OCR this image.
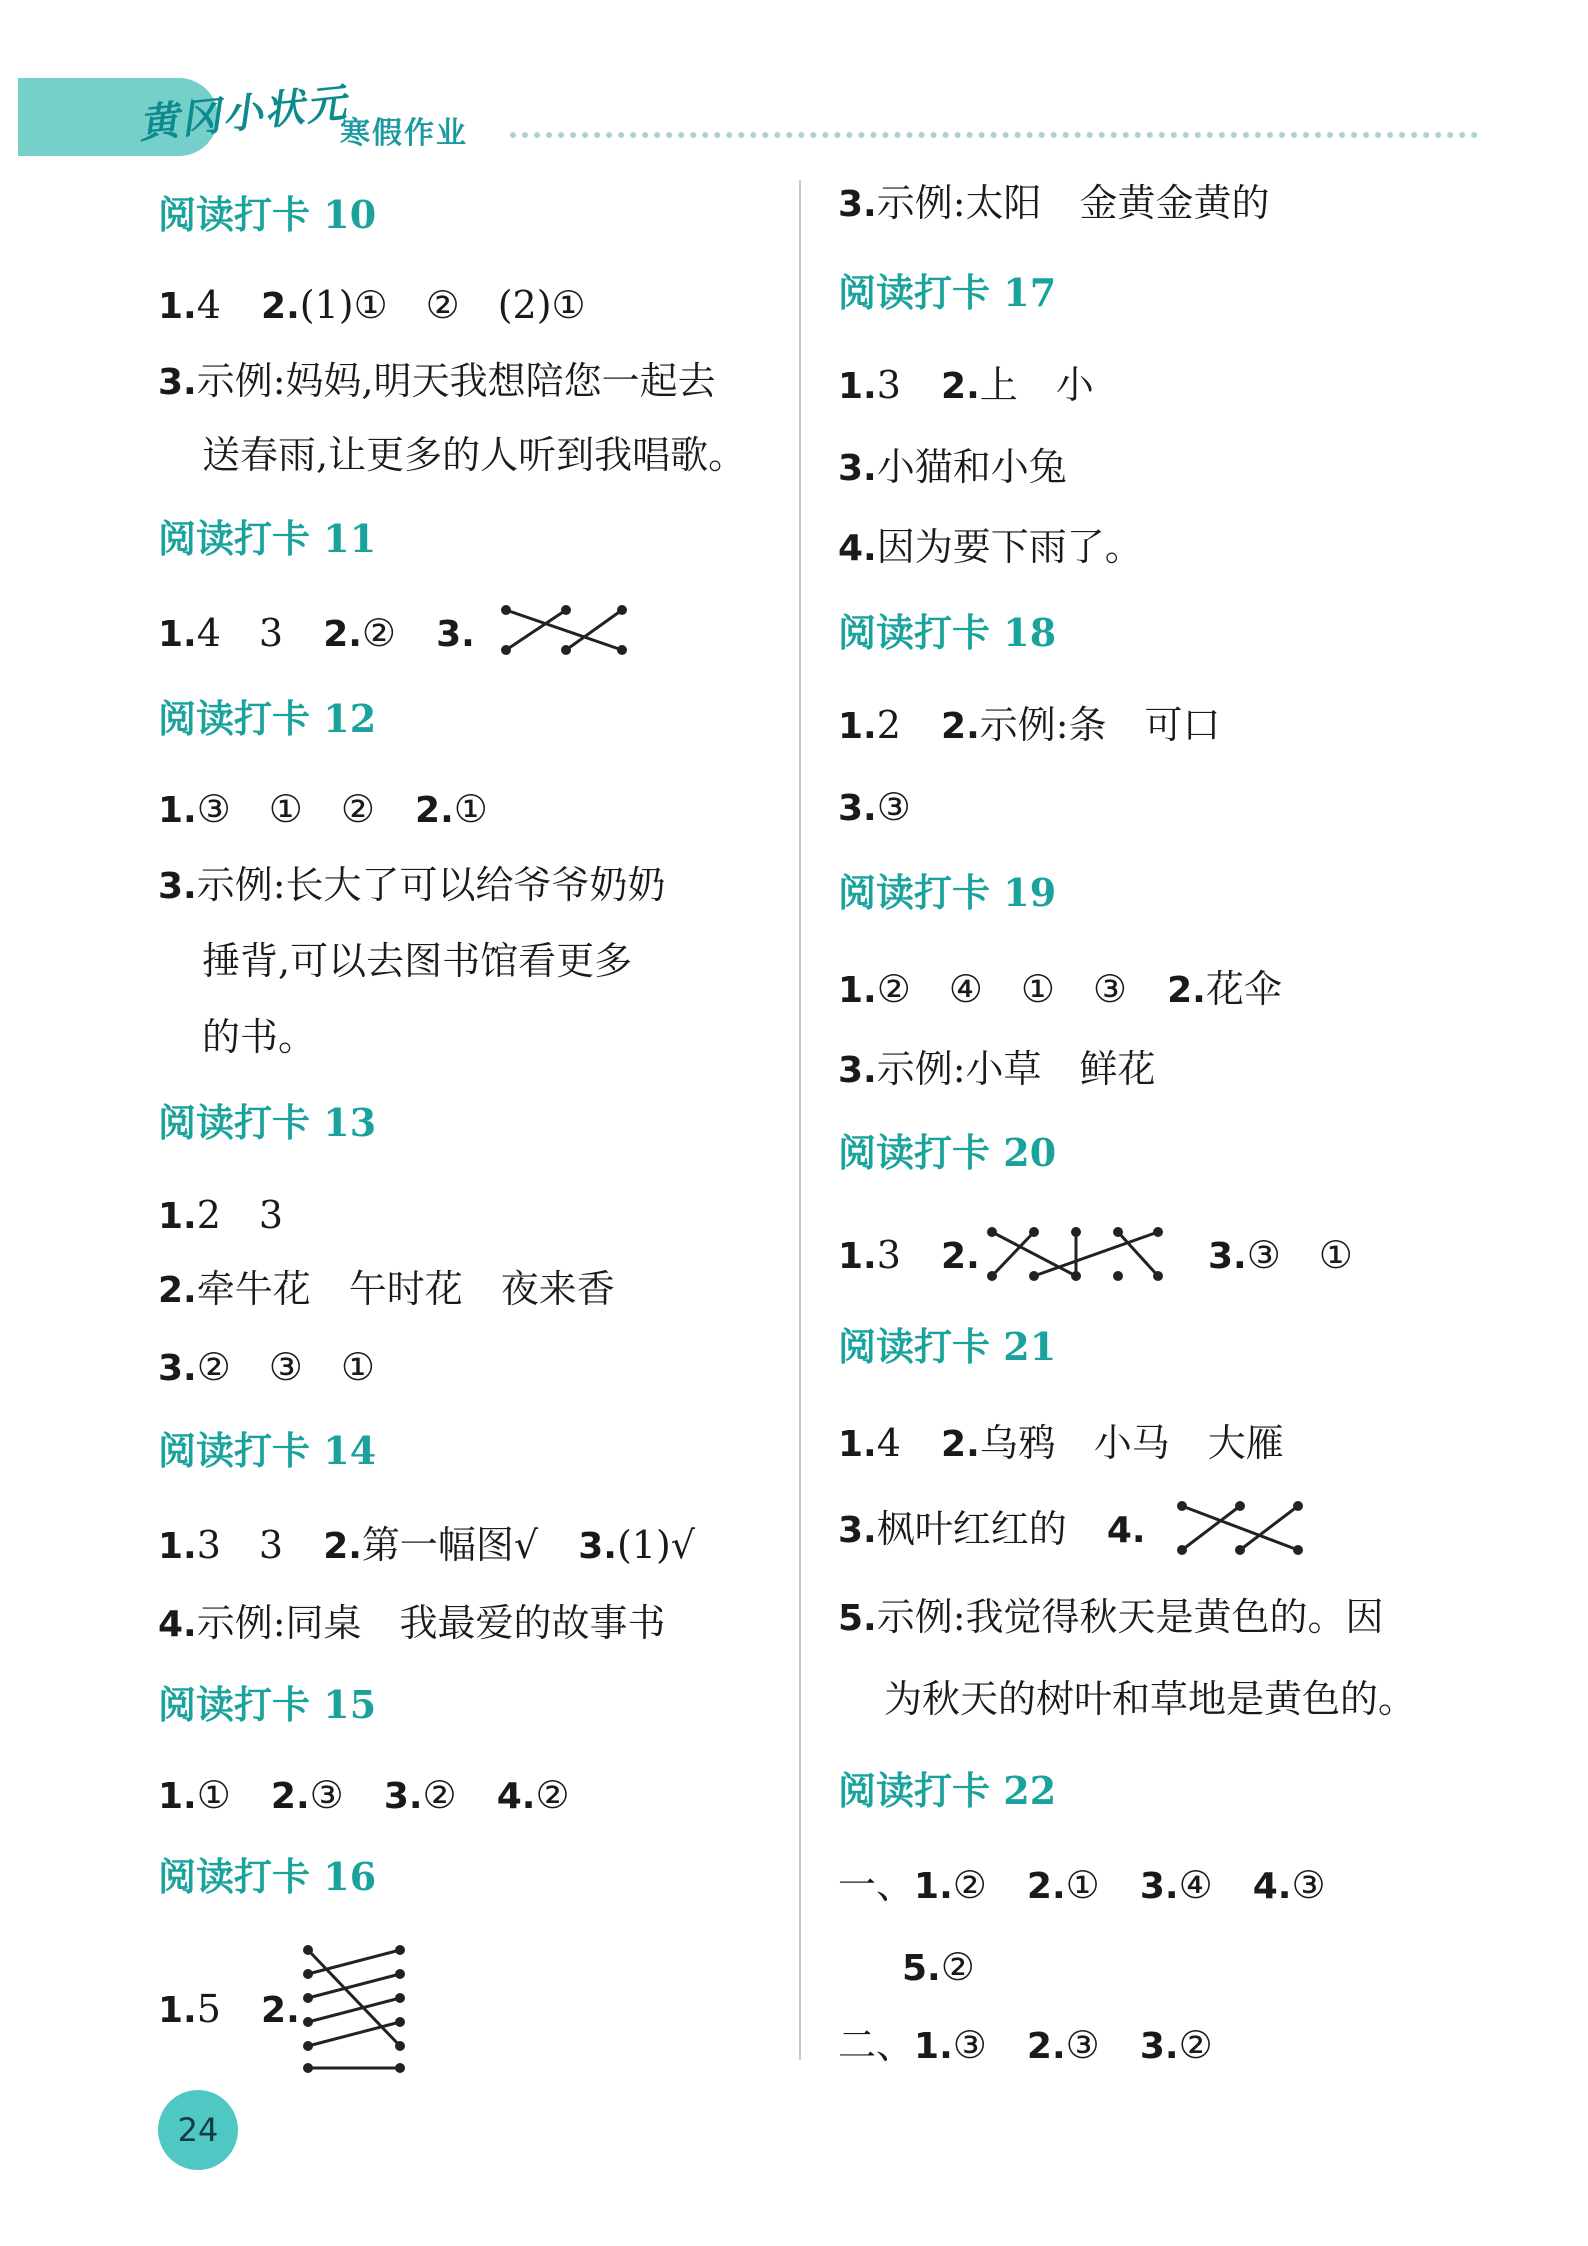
黄冈小状元
寒假作业
阅读打卡 10
1.4 2.(1)①　②　(2)①
3.示例:妈妈,明天我想陪您一起去
送春雨,让更多的人听到我唱歌。
阅读打卡 11
1.4　3 2.② 3.
阅读打卡 12
1.③　①　② 2.①
3.示例:长大了可以给爷爷奶奶
捶背,可以去图书馆看更多
的书。
阅读打卡 13
1.2　3
2.牵牛花　午时花　夜来香
3.②　③　①
阅读打卡 14
1.3　3 2.第一幅图√ 3.(1)√
4.示例:同桌　我最爱的故事书
阅读打卡 15
1.① 2.③ 3.② 4.②
阅读打卡 16
1.5 2.
3.示例:太阳　金黄金黄的
阅读打卡 17
1.3 2.上　小
3.小猫和小兔
4.因为要下雨了。
阅读打卡 18
1.2 2.示例:条　可口
3.③
阅读打卡 19
1.②　④　①　③ 2.花伞
3.示例:小草　鲜花
阅读打卡 20
1.3 2.	3.③　①
阅读打卡 21
1.4 2.乌鸦　小马　大雁
3.枫叶红红的 4.
5.示例:我觉得秋天是黄色的。因
为秋天的树叶和草地是黄色的。
阅读打卡 22
一、1.② 2.① 3.④ 4.③
5.②
二、1.③ 2.③ 3.②
24
